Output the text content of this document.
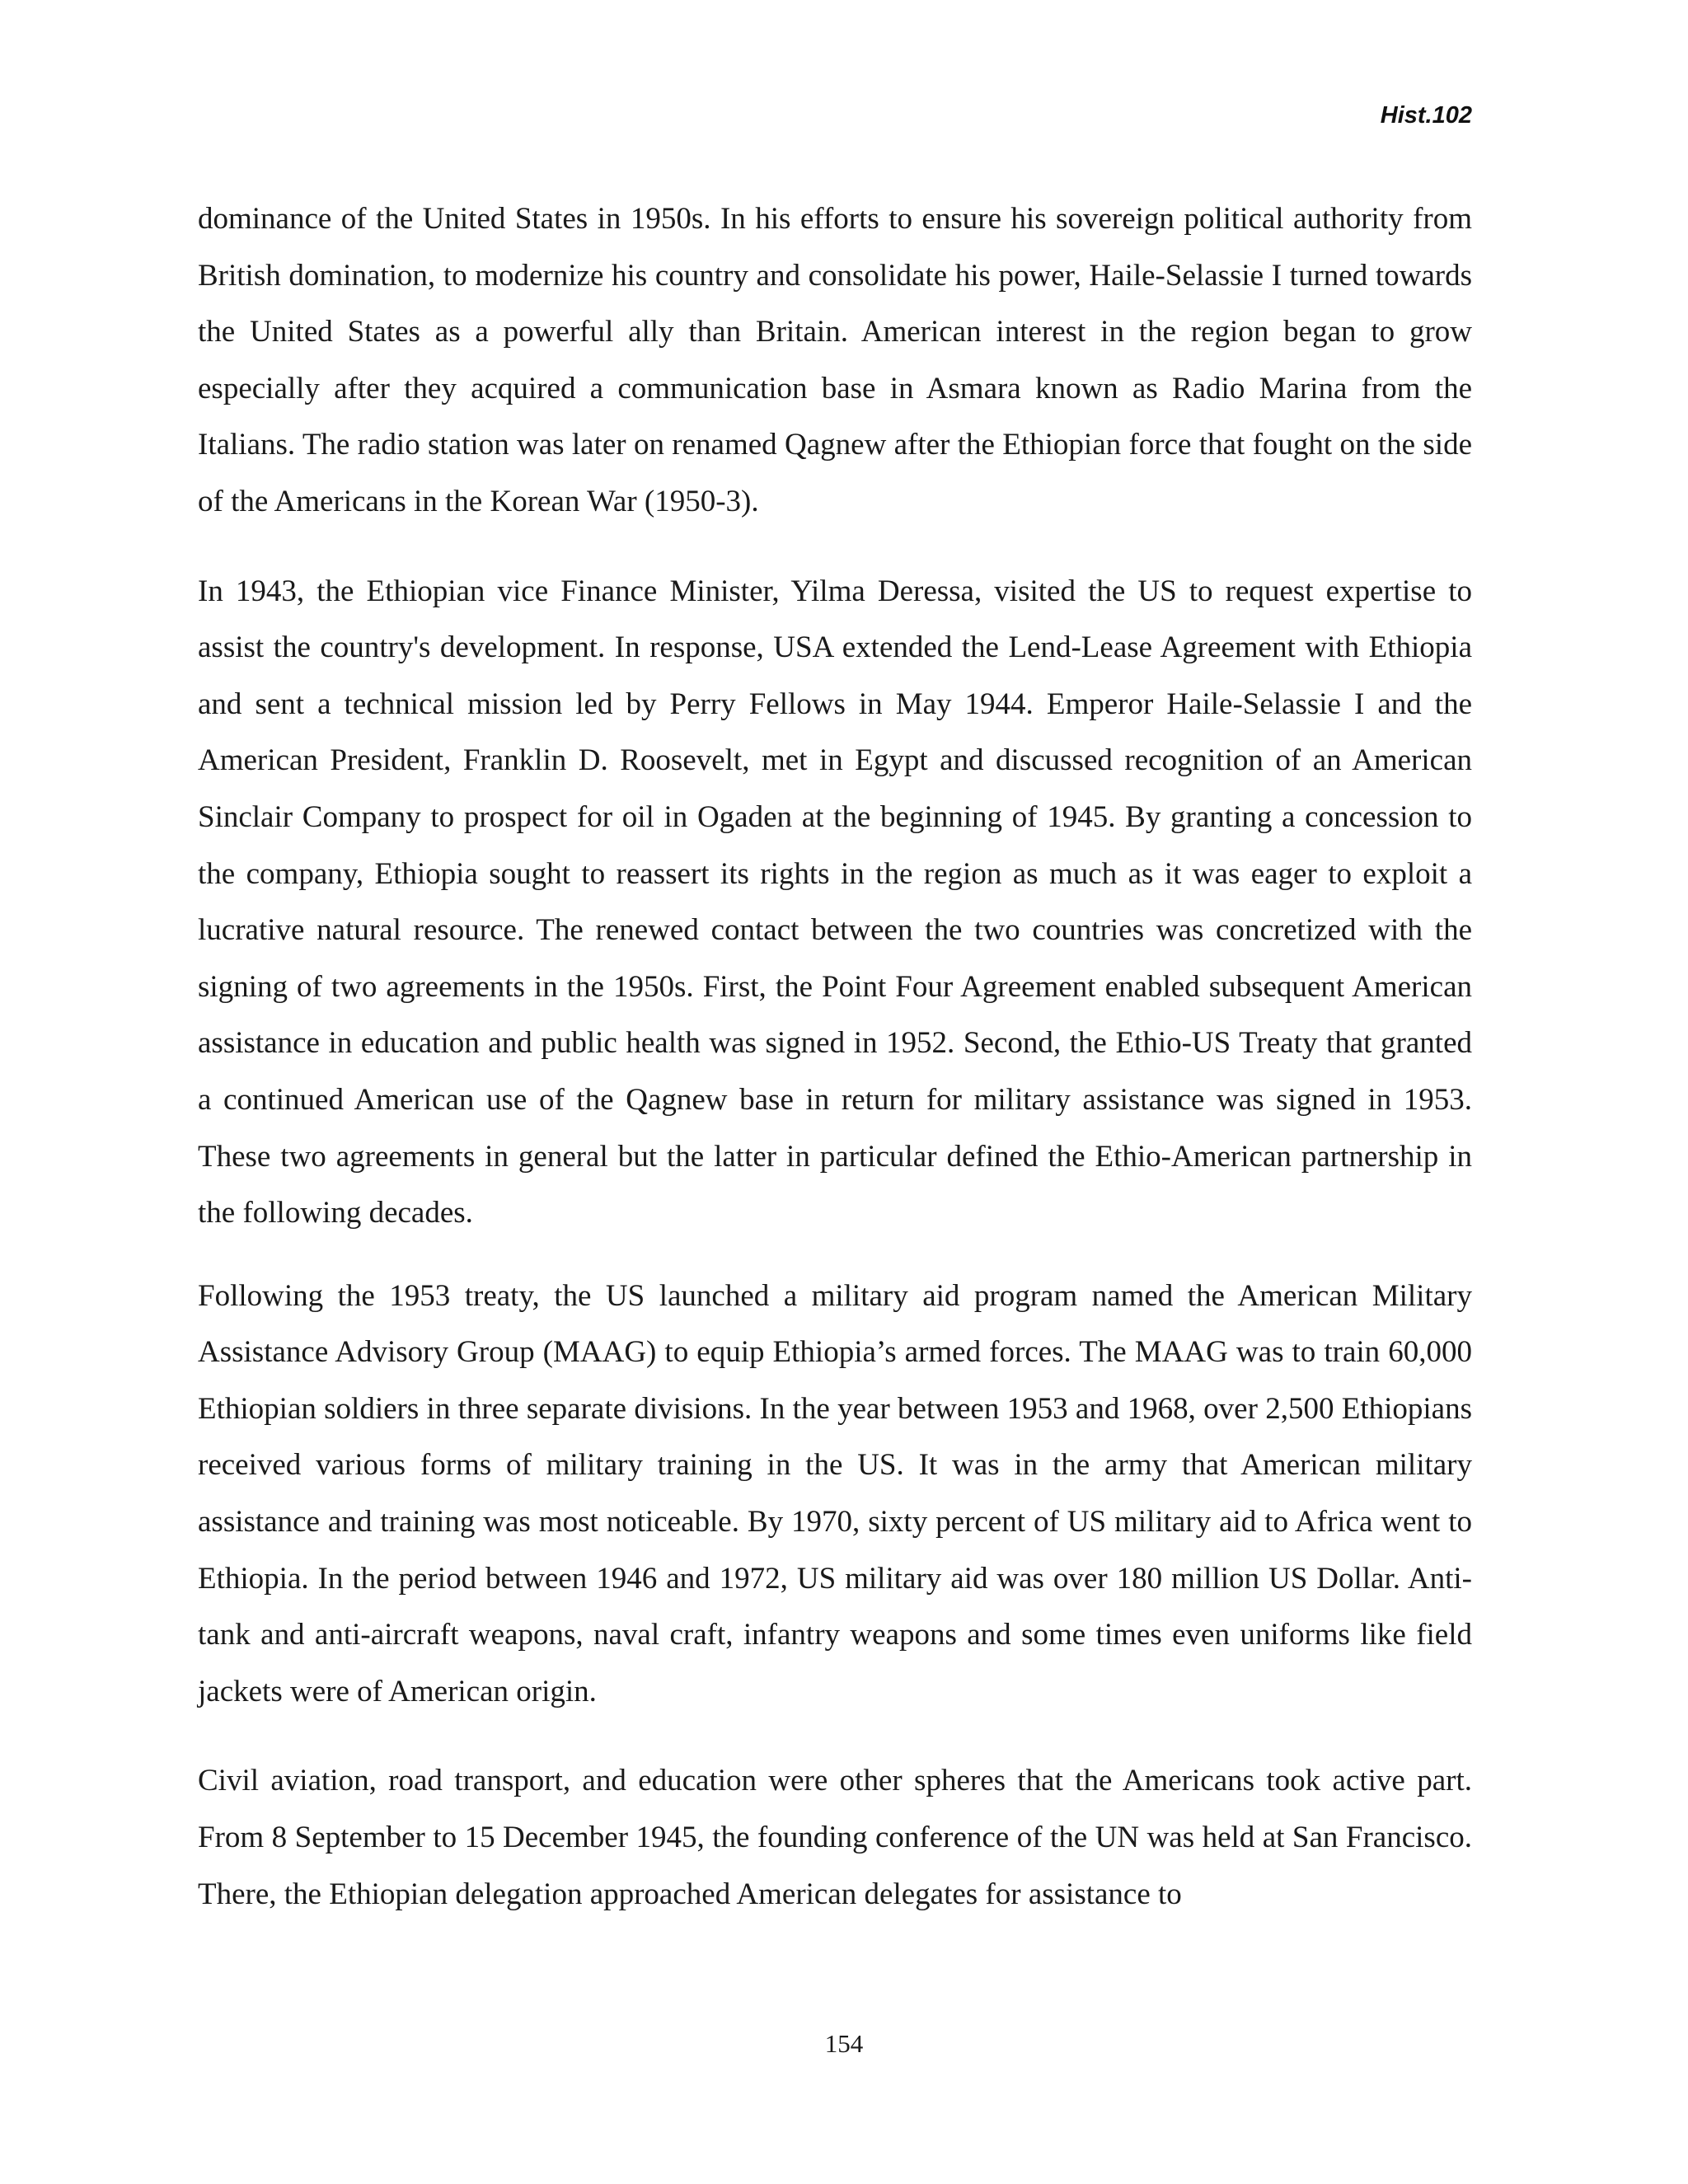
Hist.102

dominance of the United States in 1950s. In his efforts to ensure his sovereign political authority from British domination, to modernize his country and consolidate his power, Haile-Selassie I turned towards the United States as a powerful ally than Britain. American interest in the region began to grow especially after they acquired a communication base in Asmara known as Radio Marina from the Italians. The radio station was later on renamed Qagnew after the Ethiopian force that fought on the side of the Americans in the Korean War (1950-3).

In 1943, the Ethiopian vice Finance Minister, Yilma Deressa, visited the US to request expertise to assist the country's development. In response, USA extended the Lend-Lease Agreement with Ethiopia and sent a technical mission led by Perry Fellows in May 1944. Emperor Haile-Selassie I and the American President, Franklin D. Roosevelt, met in Egypt and discussed recognition of an American Sinclair Company to prospect for oil in Ogaden at the beginning of 1945. By granting a concession to the company, Ethiopia sought to reassert its rights in the region as much as it was eager to exploit a lucrative natural resource. The renewed contact between the two countries was concretized with the signing of two agreements in the 1950s. First, the Point Four Agreement enabled subsequent American assistance in education and public health was signed in 1952. Second, the Ethio-US Treaty that granted a continued American use of the Qagnew base in return for military assistance was signed in 1953. These two agreements in general but the latter in particular defined the Ethio-American partnership in the following decades.

Following the 1953 treaty, the US launched a military aid program named the American Military Assistance Advisory Group (MAAG) to equip Ethiopia’s armed forces. The MAAG was to train 60,000 Ethiopian soldiers in three separate divisions. In the year between 1953 and 1968, over 2,500 Ethiopians received various forms of military training in the US. It was in the army that American military assistance and training was most noticeable. By 1970, sixty percent of US military aid to Africa went to Ethiopia. In the period between 1946 and 1972, US military aid was over 180 million US Dollar. Anti-tank and anti-aircraft weapons, naval craft, infantry weapons and some times even uniforms like field jackets were of American origin.

Civil aviation, road transport, and education were other spheres that the Americans took active part. From 8 September to 15 December 1945, the founding conference of the UN was held at San Francisco. There, the Ethiopian delegation approached American delegates for assistance to

154
